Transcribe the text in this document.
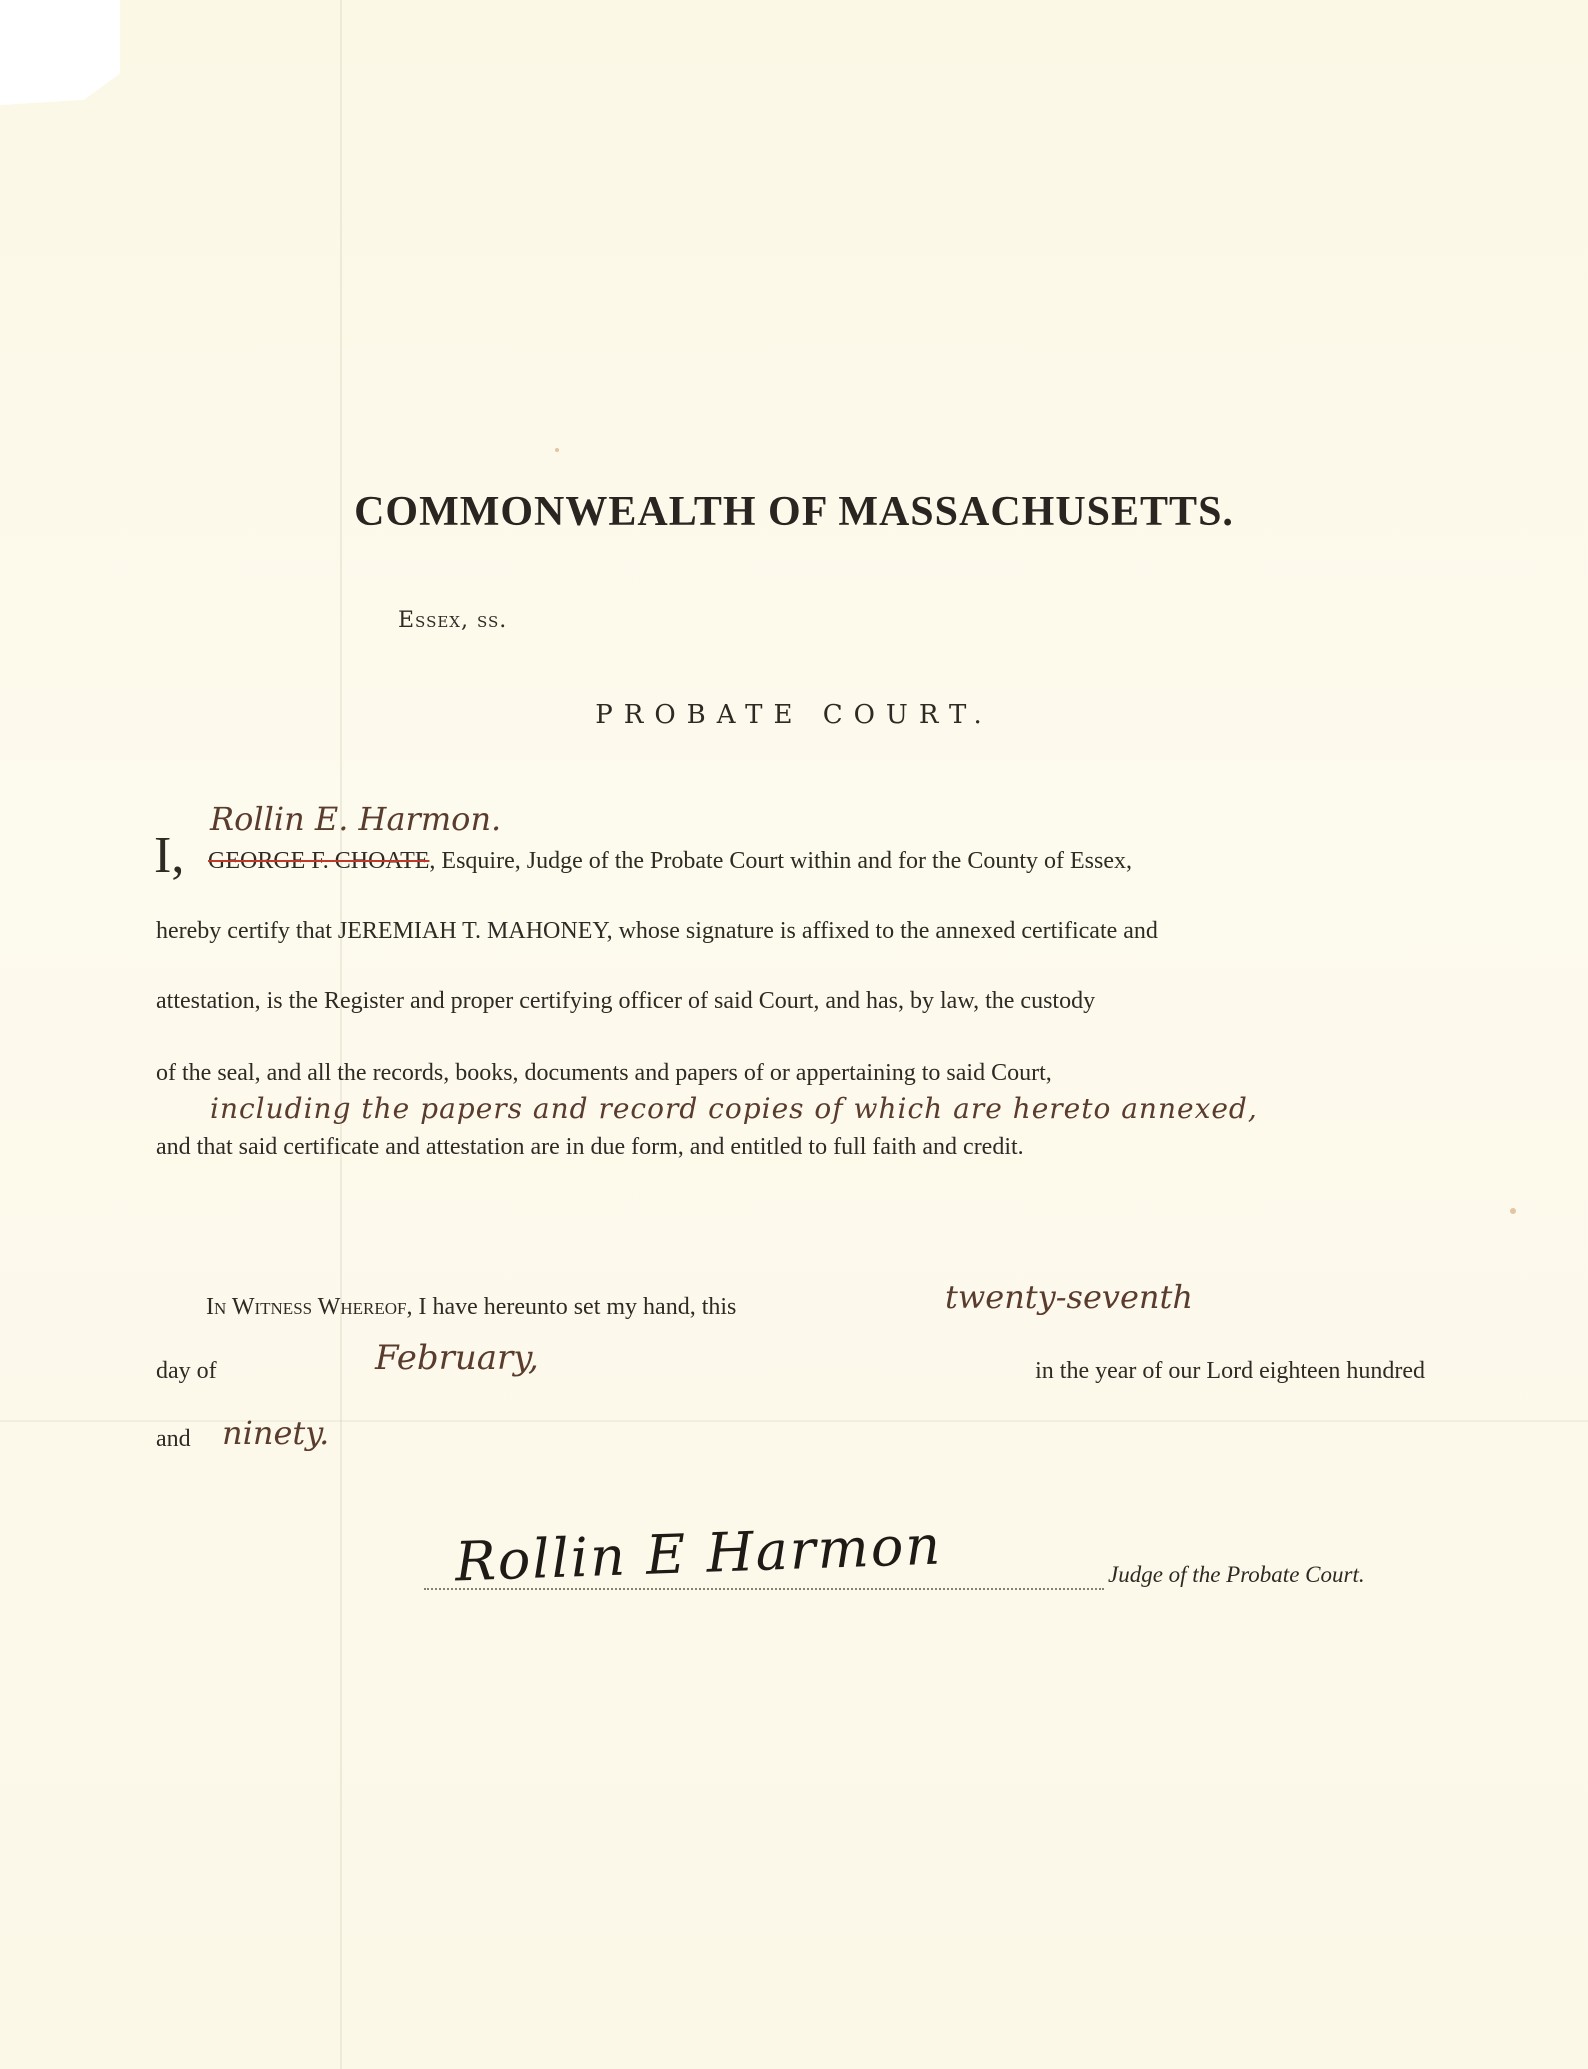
COMMONWEALTH OF MASSACHUSETTS.
Essex, ss.
PROBATE COURT.
Rollin E. Harmon.
I, GEORGE F. CHOATE, Esquire, Judge of the Probate Court within and for the County of Essex,
hereby certify that JEREMIAH T. MAHONEY, whose signature is affixed to the annexed certificate and
attestation, is the Register and proper certifying officer of said Court, and has, by law, the custody
of the seal, and all the records, books, documents and papers of or appertaining to said Court,
including the papers and record copies of which are hereto annexed,
and that said certificate and attestation are in due form, and entitled to full faith and credit.
In Witness Whereof, I have hereunto set my hand, this	twenty-seventh
day of	February,	in the year of our Lord eighteen hundred
and ninety.
Rollin E Harmon	Judge of the Probate Court.
